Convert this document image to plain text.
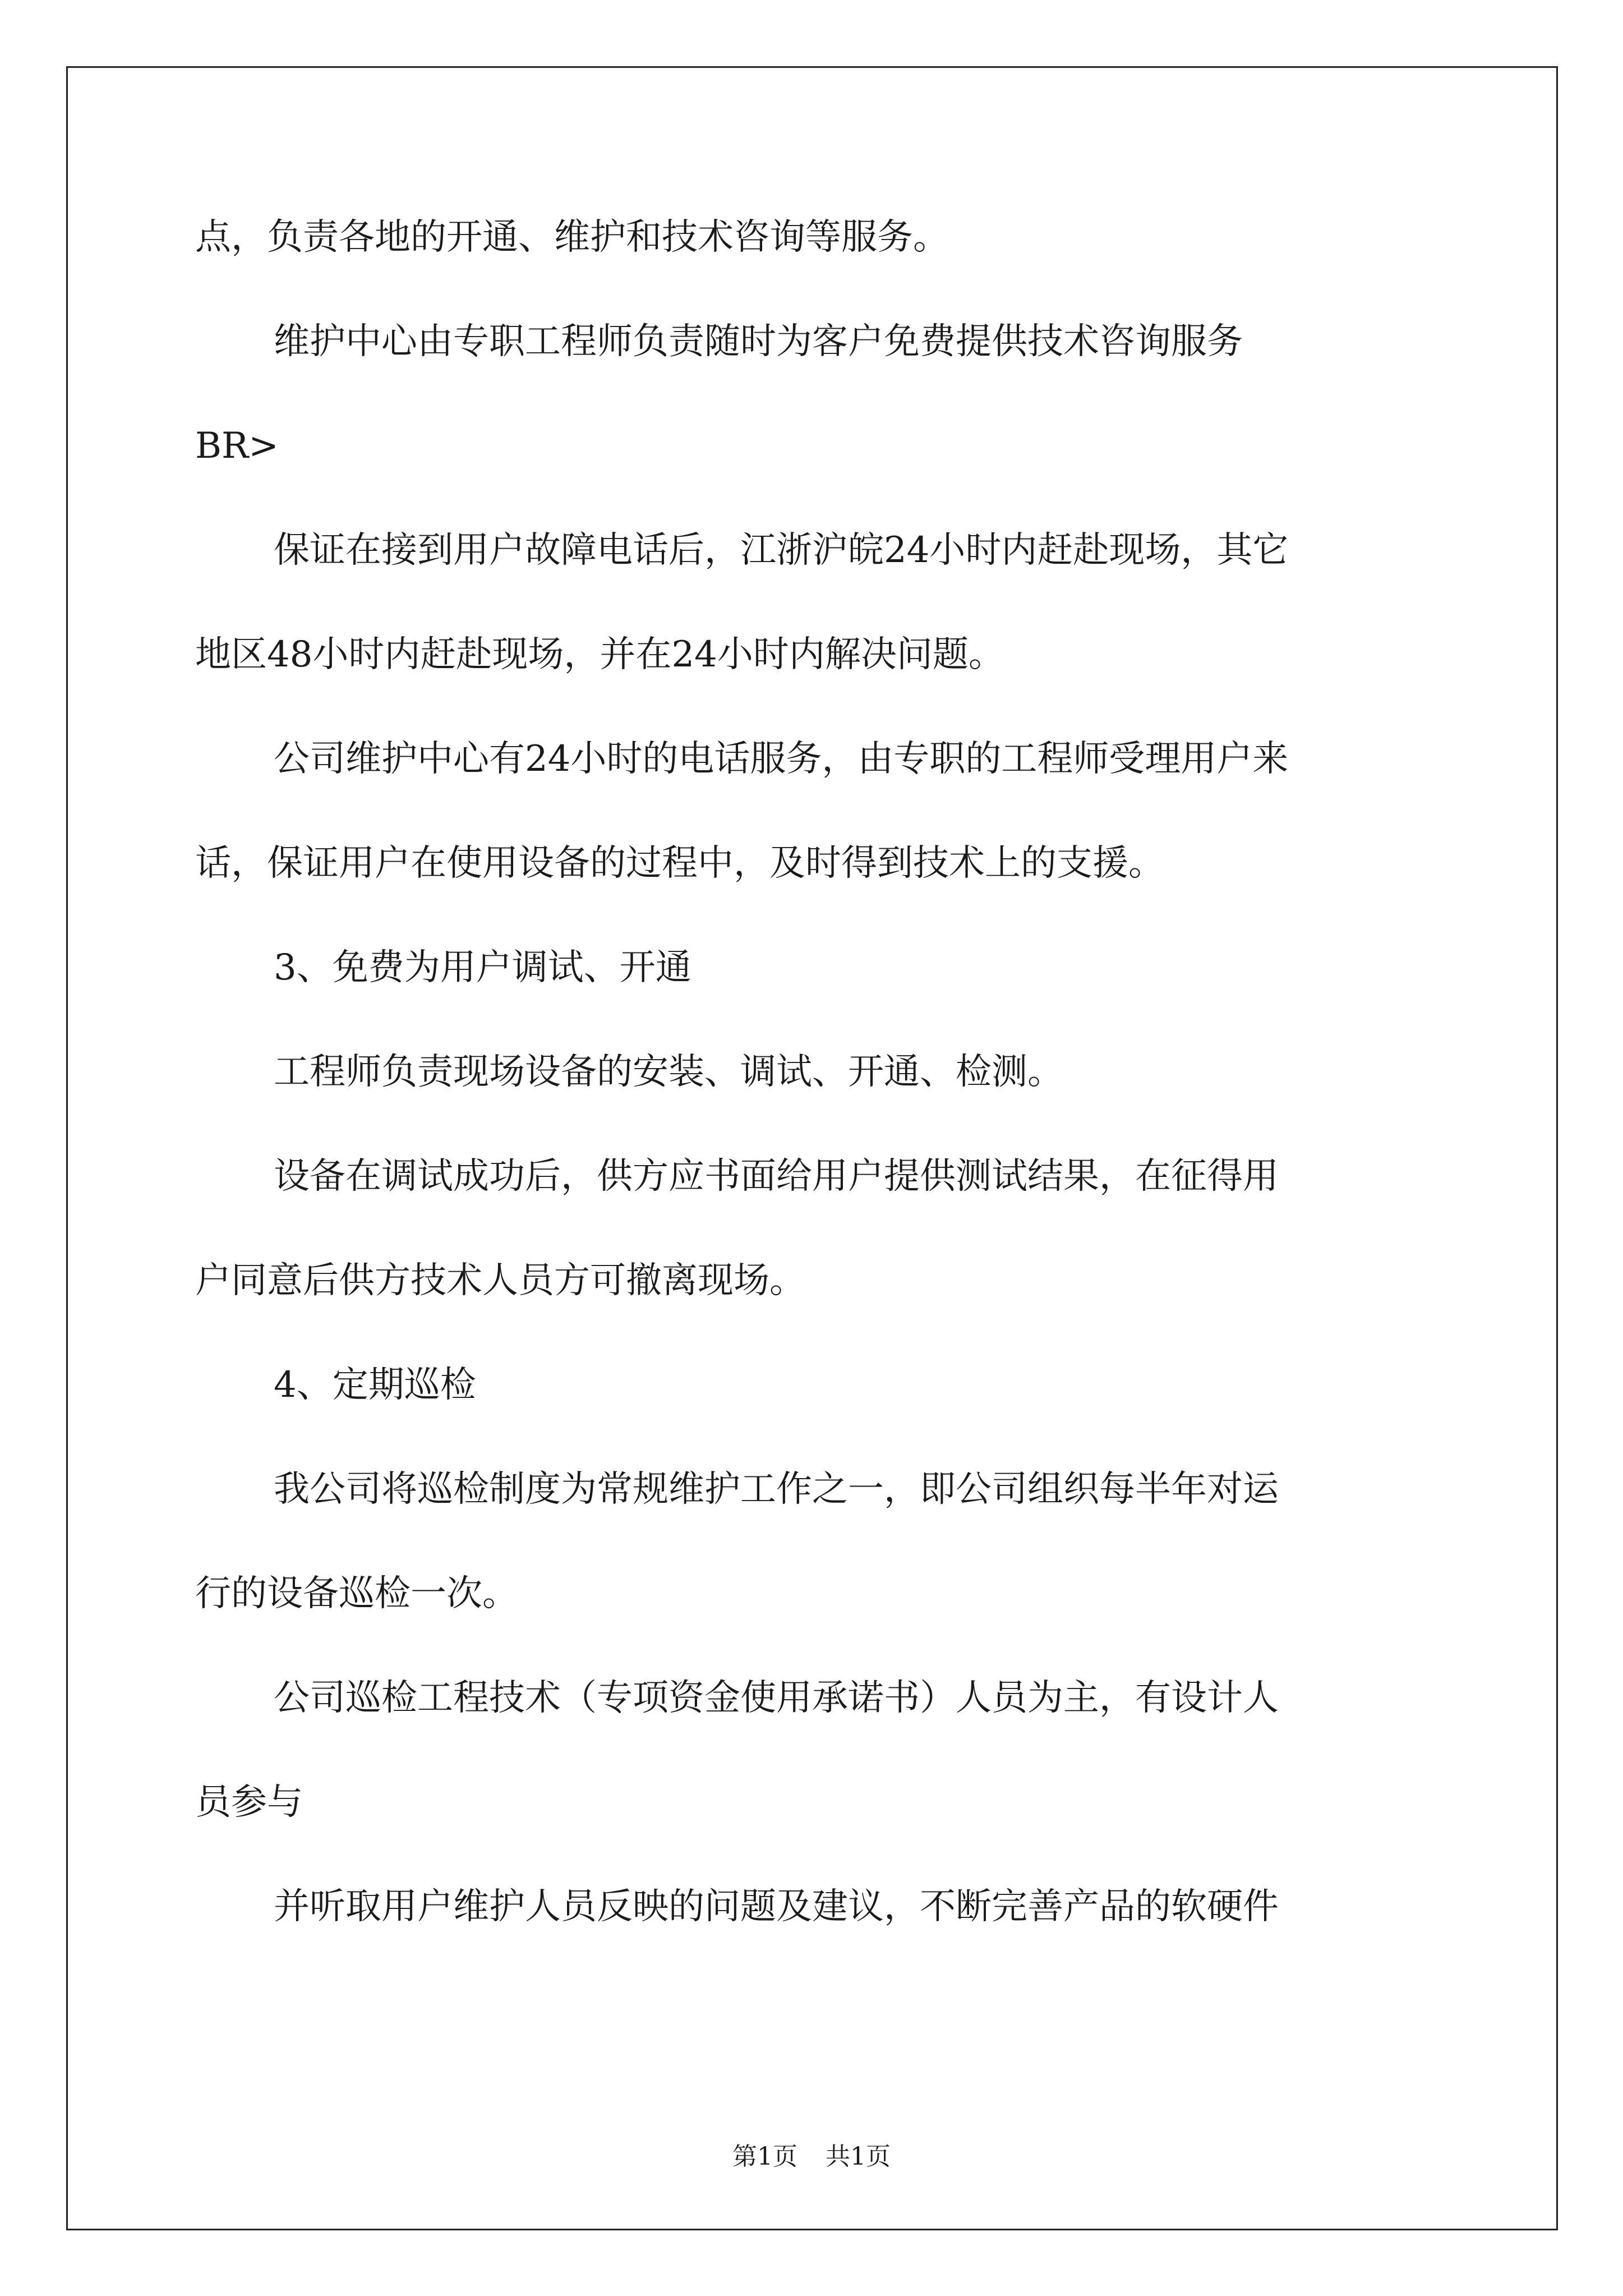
点，负责各地的开通、维护和技术咨询等服务。

维护中心由专职工程师负责随时为客户免费提供技术咨询服务

BR>

保证在接到用户故障电话后，江浙沪皖24小时内赶赴现场，其它

地区48小时内赶赴现场，并在24小时内解决问题。

公司维护中心有24小时的电话服务，由专职的工程师受理用户来

话，保证用户在使用设备的过程中，及时得到技术上的支援。

3、免费为用户调试、开通

工程师负责现场设备的安装、调试、开通、检测。

设备在调试成功后，供方应书面给用户提供测试结果，在征得用

户同意后供方技术人员方可撤离现场。

4、定期巡检

我公司将巡检制度为常规维护工作之一，即公司组织每半年对运

行的设备巡检一次。

公司巡检工程技术（专项资金使用承诺书）人员为主，有设计人

员参与

并听取用户维护人员反映的问题及建议，不断完善产品的软硬件

第1页 共1页
